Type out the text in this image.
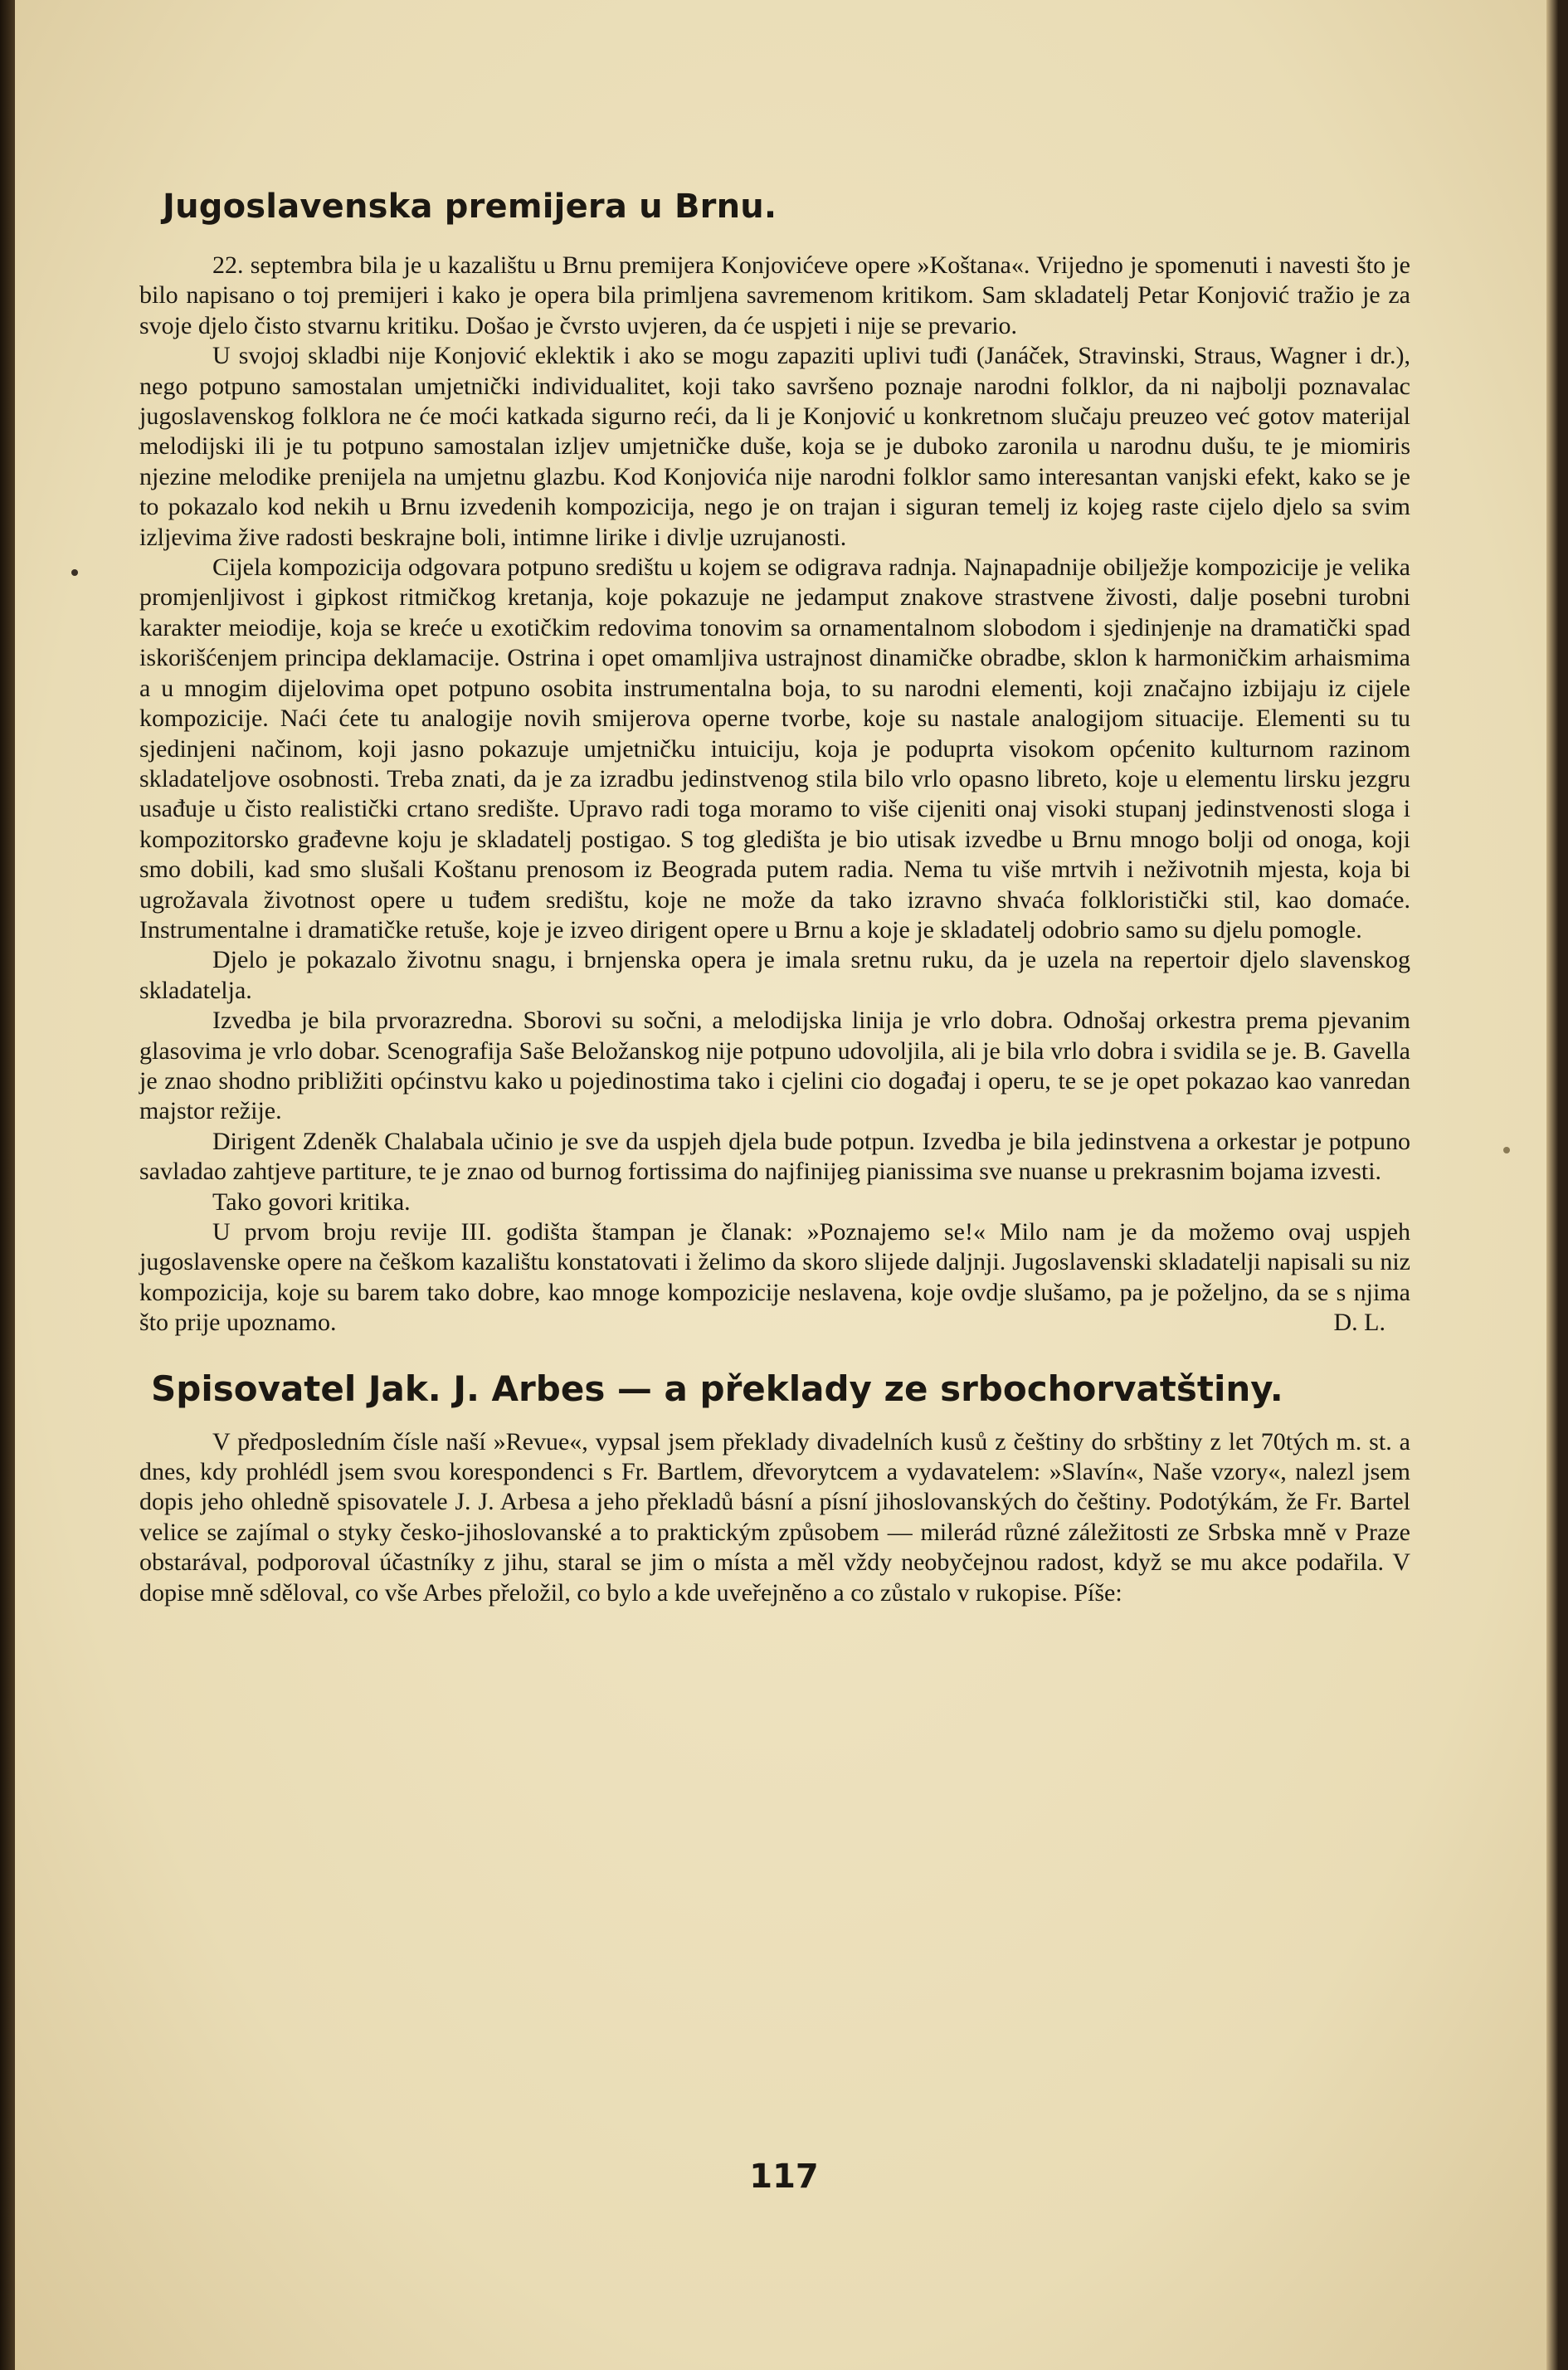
Jugoslavenska premijera u Brnu.

22. septembra bila je u kazalištu u Brnu premijera Konjovićeve opere »Koštana«. Vrijedno je spomenuti i navesti što je bilo napisano o toj premijeri i kako je opera bila primljena savremenom kritikom. Sam skladatelj Petar Konjović tražio je za svoje djelo čisto stvarnu kritiku. Došao je čvrsto uvjeren, da će uspjeti i nije se prevario.

U svojoj skladbi nije Konjović eklektik i ako se mogu zapaziti uplivi tuđi (Janáček, Stravinski, Straus, Wagner i dr.), nego potpuno samostalan umjetnički individualitet, koji tako savršeno poznaje narodni folklor, da ni najbolji poznavalac jugoslavenskog folklora ne će moći katkada sigurno reći, da li je Konjović u konkretnom slučaju preuzeo već gotov materijal melodijski ili je tu potpuno samostalan izljev umjetničke duše, koja se je duboko zaronila u narodnu dušu, te je miomiris njezine melodike prenijela na umjetnu glazbu. Kod Konjovića nije narodni folklor samo interesantan vanjski efekt, kako se je to pokazalo kod nekih u Brnu izvedenih kompozicija, nego je on trajan i siguran temelj iz kojeg raste cijelo djelo sa svim izljevima žive radosti beskrajne boli, intimne lirike i divlje uzrujanosti.

Cijela kompozicija odgovara potpuno središtu u kojem se odigrava radnja. Najnapadnije obilježje kompozicije je velika promjenljivost i gipkost ritmičkog kretanja, koje pokazuje ne jedamput znakove strastvene živosti, dalje posebni turobni karakter meiodije, koja se kreće u exotičkim redovima tonovim sa ornamentalnom slobodom i sjedinjenje na dramatički spad iskorišćenjem principa deklamacije. Ostrina i opet omamljiva ustrajnost dinamičke obradbe, sklon k harmoničkim arhaismima a u mnogim dijelovima opet potpuno osobita instrumentalna boja, to su narodni elementi, koji značajno izbijaju iz cijele kompozicije. Naći ćete tu analogije novih smijerova operne tvorbe, koje su nastale analogijom situacije. Elementi su tu sjedinjeni načinom, koji jasno pokazuje umjetničku intuiciju, koja je poduprta visokom općenito kulturnom razinom skladateljove osobnosti. Treba znati, da je za izradbu jedinstvenog stila bilo vrlo opasno libreto, koje u elementu lirsku jezgru usađuje u čisto realistički crtano središte. Upravo radi toga moramo to više cijeniti onaj visoki stupanj jedinstvenosti sloga i kompozitorsko građevne koju je skladatelj postigao. S tog gledišta je bio utisak izvedbe u Brnu mnogo bolji od onoga, koji smo dobili, kad smo slušali Koštanu prenosom iz Beograda putem radia. Nema tu više mrtvih i neživotnih mjesta, koja bi ugrožavala životnost opere u tuđem središtu, koje ne može da tako izravno shvaća folkloristički stil, kao domaće. Instrumentalne i dramatičke retuše, koje je izveo dirigent opere u Brnu a koje je skladatelj odobrio samo su djelu pomogle.

Djelo je pokazalo životnu snagu, i brnjenska opera je imala sretnu ruku, da je uzela na repertoir djelo slavenskog skladatelja.

Izvedba je bila prvorazredna. Sborovi su sočni, a melodijska linija je vrlo dobra. Odnošaj orkestra prema pjevanim glasovima je vrlo dobar. Scenografija Saše Beložanskog nije potpuno udovoljila, ali je bila vrlo dobra i svidila se je. B. Gavella je znao shodno približiti općinstvu kako u pojedinostima tako i cjelini cio događaj i operu, te se je opet pokazao kao vanredan majstor režije.

Dirigent Zdeněk Chalabala učinio je sve da uspjeh djela bude potpun. Izvedba je bila jedinstvena a orkestar je potpuno savladao zahtjeve partiture, te je znao od burnog fortissima do najfinijeg pianissima sve nuanse u prekrasnim bojama izvesti.

Tako govori kritika.

U prvom broju revije III. godišta štampan je članak: »Poznajemo se!« Milo nam je da možemo ovaj uspjeh jugoslavenske opere na češkom kazalištu konstatovati i želimo da skoro slijede daljnji. Jugoslavenski skladatelji napisali su niz kompozicija, koje su barem tako dobre, kao mnoge kompozicije neslavena, koje ovdje slušamo, pa je poželjno, da se s njima što prije upoznamo.	D. L.

Spisovatel Jak. J. Arbes — a překlady ze srbochorvatštiny.

V předposledním čísle naší »Revue«, vypsal jsem překlady divadelních kusů z češtiny do srbštiny z let 70tých m. st. a dnes, kdy prohlédl jsem svou korespondenci s Fr. Bartlem, dřevorytcem a vydavatelem: »Slavín«, Naše vzory«, nalezl jsem dopis jeho ohledně spisovatele J. J. Arbesa a jeho překladů básní a písní jihoslovanských do češtiny. Podotýkám, že Fr. Bartel velice se zajímal o styky česko-jihoslovanské a to praktickým způsobem — milerád různé záležitosti ze Srbska mně v Praze obstarával, podporoval účastníky z jihu, staral se jim o místa a měl vždy neobyčejnou radost, když se mu akce podařila. V dopise mně sděloval, co vše Arbes přeložil, co bylo a kde uveřejněno a co zůstalo v rukopise. Píše:

117
